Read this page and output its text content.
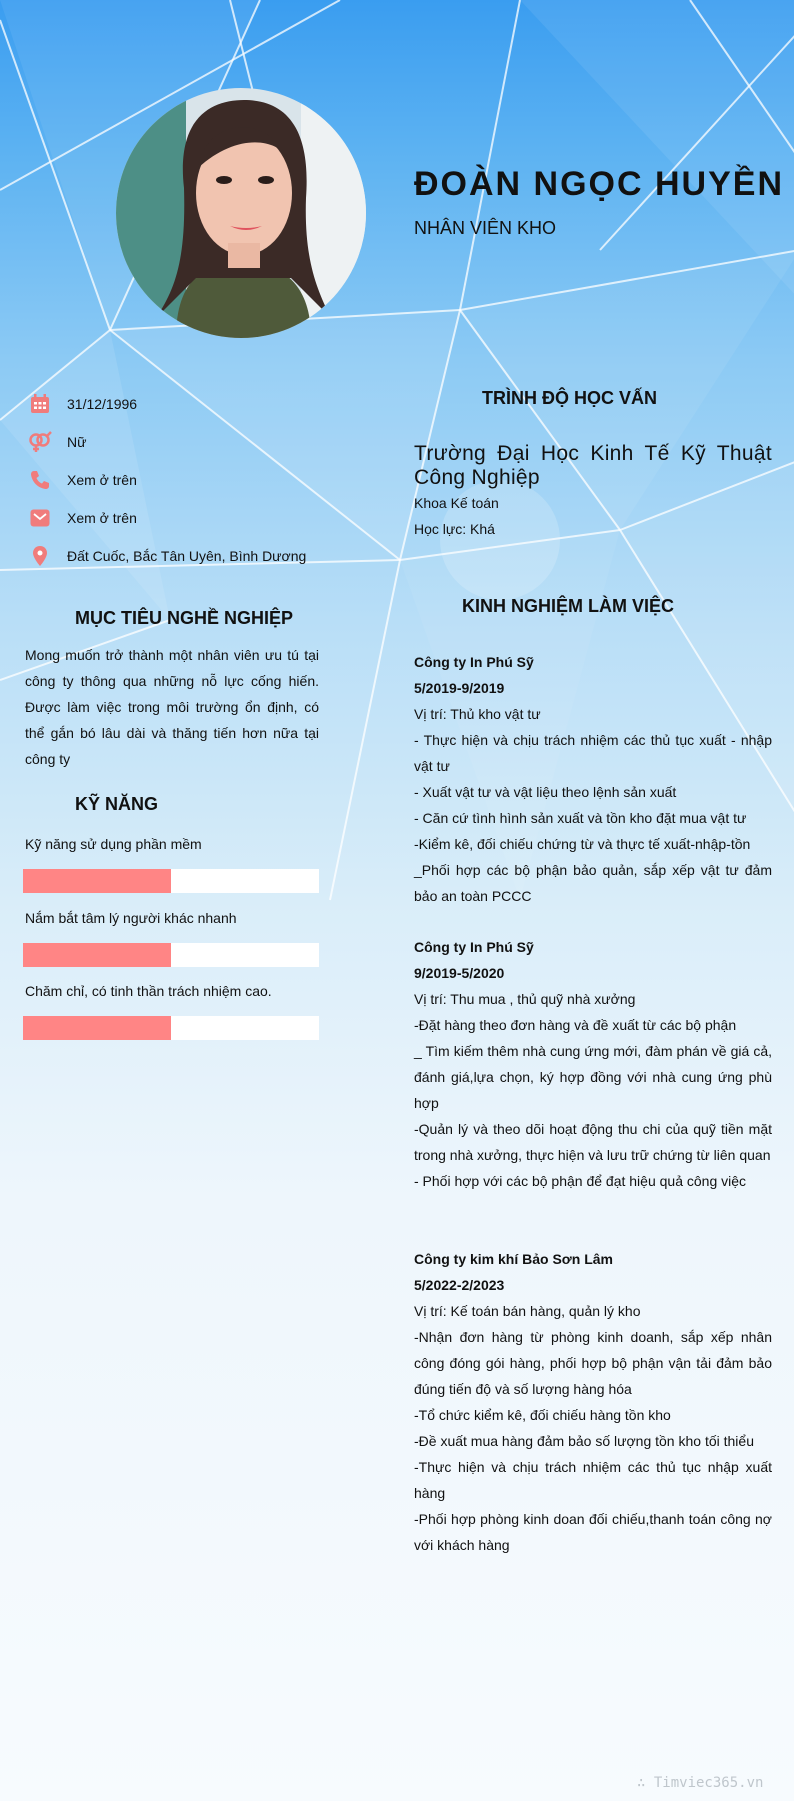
ĐOÀN NGỌC HUYỀN
NHÂN VIÊN KHO
31/12/1996
Nữ
Xem ở trên
Xem ở trên
Đất Cuốc, Bắc Tân Uyên, Bình Dương
MỤC TIÊU NGHỀ NGHIỆP
Mong muốn trở thành một nhân viên ưu tú tại công ty thông qua những nỗ lực cống hiến. Được làm việc trong môi trường ổn định, có thể gắn bó lâu dài và thăng tiến hơn nữa tại công ty
KỸ NĂNG
Kỹ năng sử dụng phần mềm
Nắm bắt tâm lý người khác nhanh
Chăm chỉ, có tinh thần trách nhiệm cao.
TRÌNH ĐỘ HỌC VẤN
Trường Đại Học Kinh Tế Kỹ Thuật Công Nghiệp
Khoa Kế toán
Học lực: Khá
KINH NGHIỆM LÀM VIỆC
Công ty In Phú Sỹ
5/2019-9/2019
Vị trí: Thủ kho vật tư
- Thực hiện và chịu trách nhiệm các thủ tục xuất - nhập vật tư
- Xuất vật tư và vật liệu theo lệnh sản xuất
- Căn cứ tình hình sản xuất và tồn kho đặt mua vật tư
-Kiểm kê, đối chiếu chứng từ và thực tế xuất-nhập-tồn
_Phối hợp các bộ phận bảo quản, sắp xếp vật tư đảm bảo an toàn PCCC
Công ty In Phú Sỹ
9/2019-5/2020
Vị trí: Thu mua , thủ quỹ nhà xưởng
-Đặt hàng theo đơn hàng và đề xuất từ các bộ phận
_ Tìm kiếm thêm nhà cung ứng mới, đàm phán về giá cả, đánh giá,lựa chọn, ký hợp đồng với nhà cung ứng phù hợp
-Quản lý và theo dõi hoạt động thu chi của quỹ tiền mặt trong nhà xưởng, thực hiện và lưu trữ chứng từ liên quan
- Phối hợp với các bộ phận để đạt hiệu quả công việc
Công ty kim khí Bảo Sơn Lâm
5/2022-2/2023
Vị trí: Kế toán bán hàng, quản lý kho
-Nhận đơn hàng từ phòng kinh doanh, sắp xếp nhân công đóng gói hàng, phối hợp bộ phận vận tải đảm bảo đúng tiến độ và số lượng hàng hóa
-Tổ chức kiểm kê, đối chiếu hàng tồn kho
-Đề xuất mua hàng đảm bảo số lượng tồn kho tối thiểu
-Thực hiện và chịu trách nhiệm các thủ tục nhập xuất hàng
-Phối hợp phòng kinh doan đối chiếu,thanh toán công nợ với khách hàng
∴ Timviec365.vn
